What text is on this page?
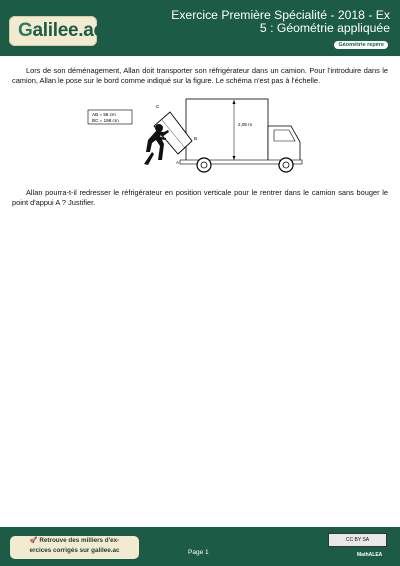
Galilee.ac
Exercice Première Spécialité - 2018 - Ex
5 : Géométrie appliquée
Géométrie repère

Lors de son déménagement, Allan doit transporter son réfrigérateur dans un camion. Pour l'introduire dans le camion, Allan le pose sur le bord comme indiqué sur la figure. Le schéma n'est pas à l'échelle.

AB = 58 cm
BC = 198 cm
2,05 m
C
B
A

Allan pourra-t-il redresser le réfrigérateur en position verticale pour le rentrer dans le camion sans bouger le point d'appui A ? Justifier.

🚀 Retrouve des milliers d'ex-
ercices corrigés sur galilee.ac	Page 1
CC BY SA
MathALEA
